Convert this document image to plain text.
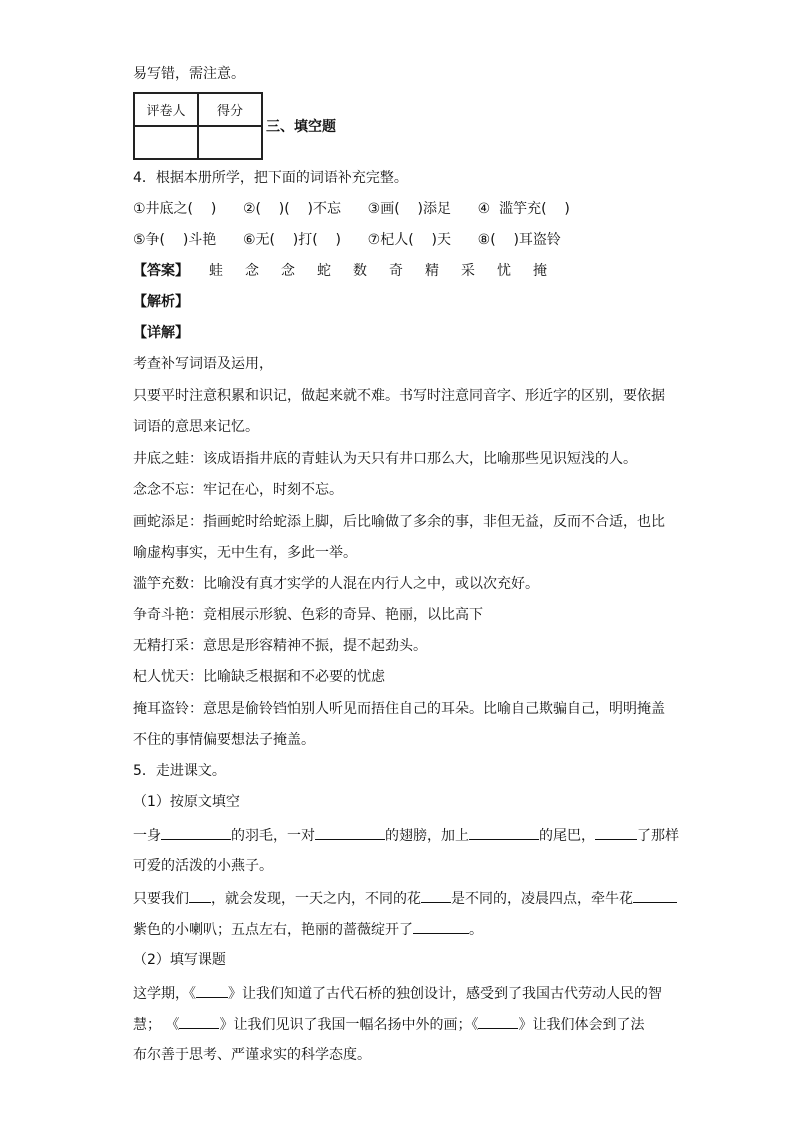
易写错，需注意。
评卷人	得分

三、填空题
4．根据本册所学，把下面的词语补充完整。
①井底之(    )      ②(    )(    )不忘      ③画(    )添足      ④  滥竽充(    )
⑤争(    )斗艳      ⑥无(    )打(    )      ⑦杞人(    )天      ⑧(    )耳盗铃
【答案】 蛙 念 念 蛇 数 奇 精 采 忧 掩
【解析】
【详解】
考查补写词语及运用，
只要平时注意积累和识记，做起来就不难。书写时注意同音字、形近字的区别，要依据
词语的意思来记忆。
井底之蛙：该成语指井底的青蛙认为天只有井口那么大，比喻那些见识短浅的人。
念念不忘：牢记在心，时刻不忘。
画蛇添足：指画蛇时给蛇添上脚，后比喻做了多余的事，非但无益，反而不合适，也比
喻虚构事实，无中生有，多此一举。
滥竽充数：比喻没有真才实学的人混在内行人之中，或以次充好。
争奇斗艳：竞相展示形貌、色彩的奇异、艳丽，以比高下
无精打采：意思是形容精神不振，提不起劲头。
杞人忧天：比喻缺乏根据和不必要的忧虑
掩耳盗铃：意思是偷铃铛怕别人听见而捂住自己的耳朵。比喻自己欺骗自己，明明掩盖
不住的事情偏要想法子掩盖。
5．走进课文。
（1）按原文填空
一身	的羽毛，一对	的翅膀，加上	的尾巴，	了那样
可爱的活泼的小燕子。
只要我们 ，就会发现，一天之内，不同的花 是不同的，凌晨四点，牵牛花
紫色的小喇叭；五点左右，艳丽的蔷薇绽开了	。
（2）填写课题
这学期，《 》让我们知道了古代石桥的独创设计，感受到了我国古代劳动人民的智
慧； 《	》让我们见识了我国一幅名扬中外的画；《	》让我们体会到了法
布尔善于思考、严谨求实的科学态度。
